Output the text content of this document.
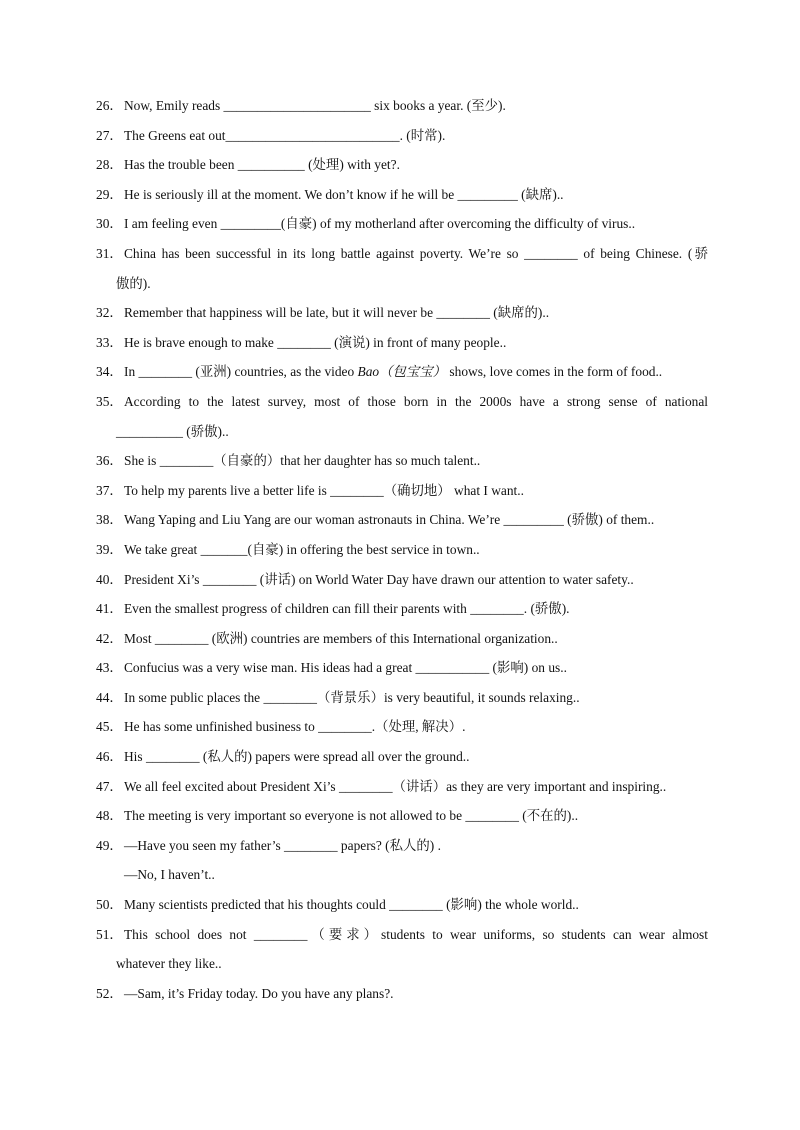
26． Now, Emily reads ______________________ six books a year. (至少).
27． The Greens eat out__________________________. (时常).
28． Has the trouble been __________ (处理) with yet?.
29． He is seriously ill at the moment. We don’t know if he will be _________ (缺席)..
30． I am feeling even _________(自豪) of my motherland after overcoming the difficulty of virus..
31． China has been successful in its long battle against poverty. We’re so ________ of being Chinese. (骄
傲的).
32． Remember that happiness will be late, but it will never be ________ (缺席的)..
33． He is brave enough to make ________ (演说) in front of many people..
34． In ________ (亚洲) countries, as the video Bao（包宝宝） shows, love comes in the form of food..
35． According to the latest survey, most of those born in the 2000s have a strong sense of national
__________ (骄傲)..
36． She is ________（自豪的）that her daughter has so much talent..
37． To help my parents live a better life is ________（确切地） what I want..
38． Wang Yaping and Liu Yang are our woman astronauts in China. We’re _________ (骄傲) of them..
39． We take great _______(自豪) in offering the best service in town..
40． President Xi’s ________ (讲话) on World Water Day have drawn our attention to water safety..
41． Even the smallest progress of children can fill their parents with ________. (骄傲).
42． Most ________ (欧洲) countries are members of this International organization..
43． Confucius was a very wise man. His ideas had a great ___________ (影响) on us..
44． In some public places the ________（背景乐）is very beautiful, it sounds relaxing..
45． He has some unfinished business to ________.（处理, 解决）.
46． His ________ (私人的) papers were spread all over the ground..
47． We all feel excited about President Xi’s ________（讲话）as they are very important and inspiring..
48． The meeting is very important so everyone is not allowed to be ________ (不在的)..
49． —Have you seen my father’s ________ papers? (私人的) .
—No, I haven’t..
50． Many scientists predicted that his thoughts could ________ (影响) the whole world..
51． This school does not ________（要求）students to wear uniforms, so students can wear almost
whatever they like..
52． —Sam, it’s Friday today. Do you have any plans?.
